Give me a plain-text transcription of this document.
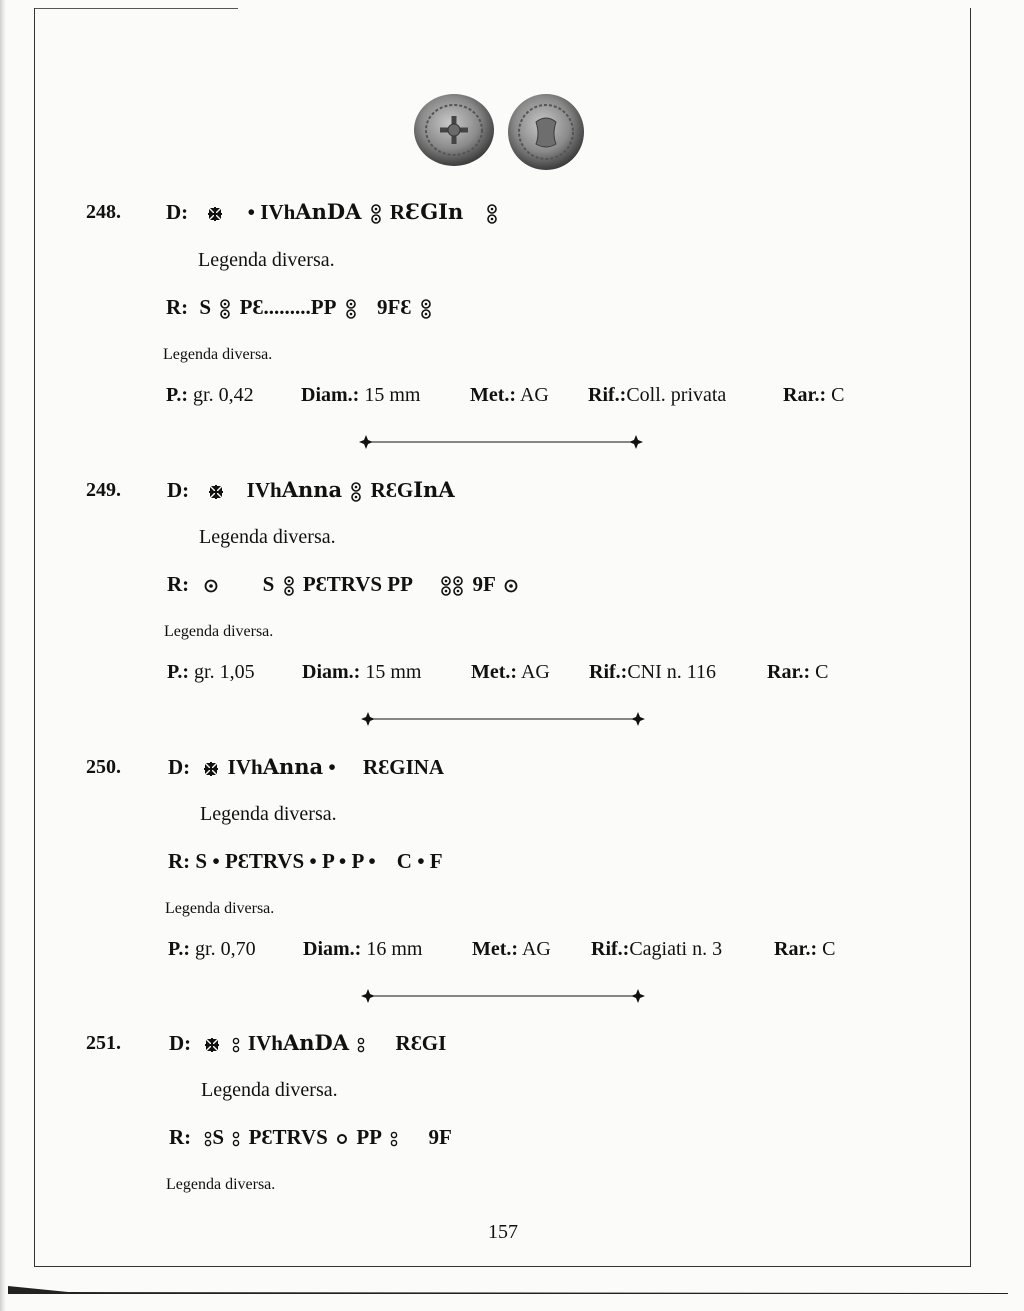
248. D:	• IVhAnDA RƐGIn
Legenda diversa.
R: S PƐ.........PP 9FƐ
Legenda diversa.
P.: gr. 0,42 Diam.: 15 mm Met.: AG Rif.:Coll. privata	Rar.: C
249. D:	IVhAnna RƐGInA
Legenda diversa.
R:	S PƐTRVS PP	9F
Legenda diversa.
P.: gr. 1,05 Diam.: 15 mm Met.: AG Rif.:CNI n. 116	Rar.: C
250. D: IVhAnna • RƐGINA
Legenda diversa.
R: S • PƐTRVS • P • P •    C • F
Legenda diversa.
P.: gr. 0,70 Diam.: 16 mm Met.: AG Rif.:Cagiati n. 3	Rar.: C
251. D:	IVhAnDA RƐGI
Legenda diversa.
R: S PƐTRVS PP 9F
Legenda diversa.
157
